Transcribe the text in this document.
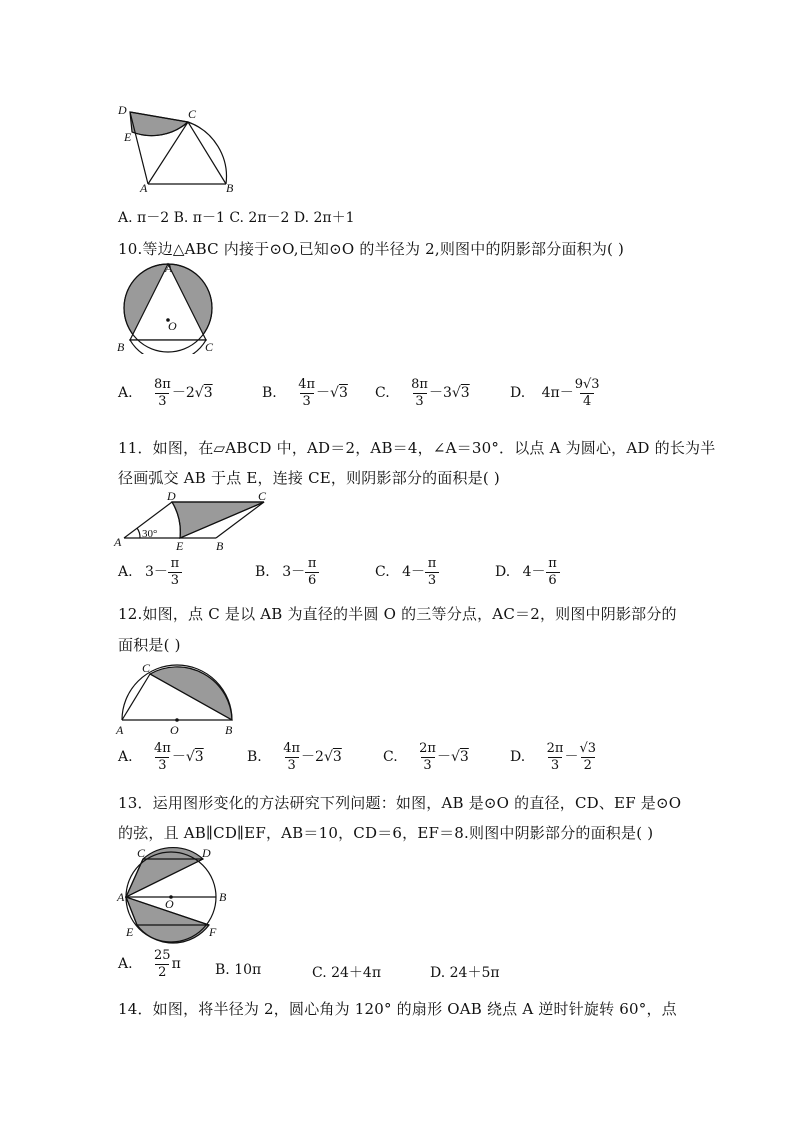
D
E
C
A	B
A. π－2 B. π－1 C. 2π－2 D. 2π＋1
10.等边△ABC 内接于⊙O,已知⊙O 的半径为 2,则图中的阴影部分面积为( )
A
O
B	C
A. $\frac{8\pi}{3} -2√3$	B. $\frac{4\pi}{3} -√3$ C. $\frac{8\pi}{3} -3√3$	D. $4\pi- \frac{9√3}{4}$
11．如图，在▱ABCD 中，AD＝2，AB＝4，∠A＝30°．以点 A 为圆心，AD 的长为半
径画弧交 AB 于点 E，连接 CE，则阴影部分的面积是( )
D	C
A	E	B
30°
A. $3- \frac{\pi}{3}$	B. $3- \frac{\pi}{6}$	C. $4- \frac{\pi}{3}$	D. $4- \frac{\pi}{6}$
12.如图，点 C 是以 AB 为直径的半圆 O 的三等分点，AC＝2，则图中阴影部分的
面积是( )
C
A	O	B
A. $\frac{4\pi}{3} -√3$	B. $\frac{4\pi}{3} -2√3$	C. $\frac{2\pi}{3} -√3$	D. $\frac{2\pi}{3} - \frac{√3}{2}$
13．运用图形变化的方法研究下列问题：如图，AB 是⊙O 的直径，CD、EF 是⊙O
的弦，且 AB∥CD∥EF，AB＝10，CD＝6，EF＝8.则图中阴影部分的面积是( )
C	D
A	O	B
E	F
A. $\frac{25}{2}$ π B. 10π	C. 24＋4π	D. 24＋5π
14．如图，将半径为 2，圆心角为 120° 的扇形 OAB 绕点 A 逆时针旋转 60°，点
